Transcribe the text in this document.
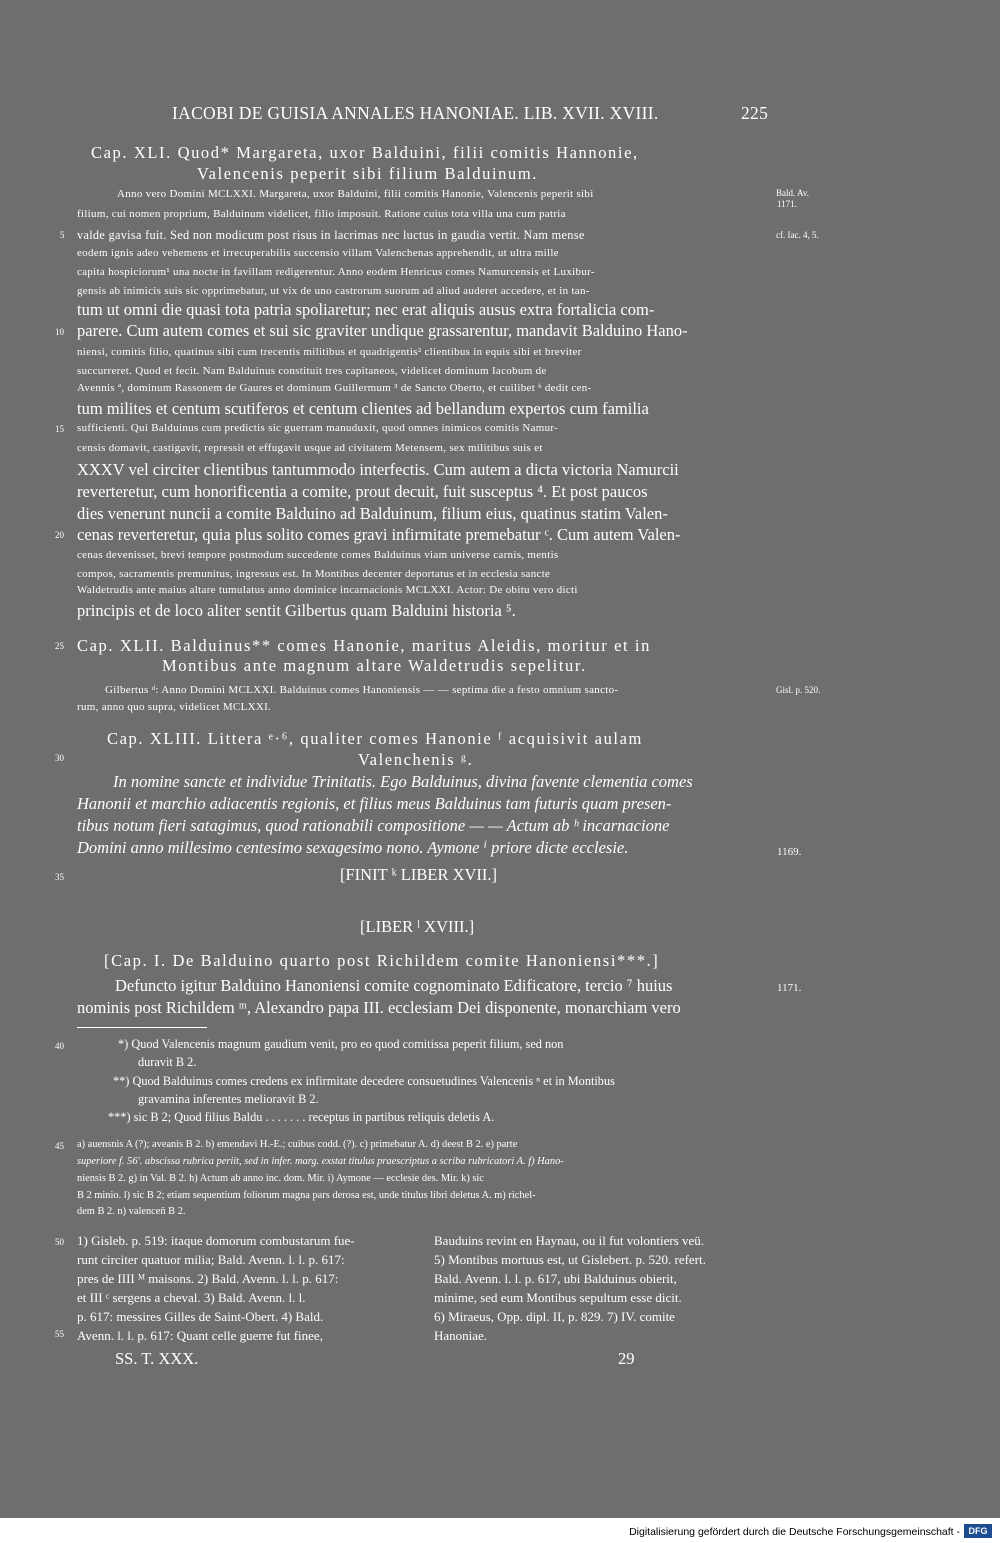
IACOBI DE GUISIA ANNALES HANONIAE. LIB. XVII. XVIII.	225
5
10
15
20
25
30
35
40
45
50
55
Bald. Av.
1171.
cf. Iac. 4, 5.
Gisl. p. 520.
1169.
1171.
Cap. XLI. Quod* Margareta, uxor Balduini, filii comitis Hannonie,
Valencenis peperit sibi filium Balduinum.
Anno vero Domini MCLXXI. Margareta, uxor Balduini, filii comitis Hanonie, Valencenis peperit sibi
filium, cui nomen proprium, Balduinum videlicet, filio imposuit. Ratione cuius tota villa una cum patria
valde gavisa fuit. Sed non modicum post risus in lacrimas nec luctus in gaudia vertit. Nam mense
eodem ignis adeo vehemens et irrecuperabilis succensio villam Valenchenas apprehendit, ut ultra mille
capita hospiciorum¹ una nocte in favillam redigerentur. Anno eodem Henricus comes Namurcensis et Luxibur-
gensis ab inimicis suis sic opprimebatur, ut vix de uno castrorum suorum ad aliud auderet accedere, et in tan-
tum ut omni die quasi tota patria spoliaretur; nec erat aliquis ausus extra fortalicia com-
parere. Cum autem comes et sui sic graviter undique grassarentur, mandavit Balduino Hano-
niensi, comitis filio, quatinus sibi cum trecentis militibus et quadrigentis² clientibus in equis sibi et breviter
succurreret. Quod et fecit. Nam Balduinus constituit tres capitaneos, videlicet dominum Iacobum de
Avennis ª, dominum Rassonem de Gaures et dominum Guillermum ³ de Sancto Oberto, et cuilibet ᵇ dedit cen-
tum milites et centum scutiferos et centum clientes ad bellandum expertos cum familia
sufficienti. Qui Balduinus cum predictis sic guerram manuduxit, quod omnes inimicos comitis Namur-
censis domavit, castigavit, repressit et effugavit usque ad civitatem Metensem, sex militibus suis et
XXXV vel circiter clientibus tantummodo interfectis. Cum autem a dicta victoria Namurcii
reverteretur, cum honorificentia a comite, prout decuit, fuit susceptus ⁴. Et post paucos
dies venerunt nuncii a comite Balduino ad Balduinum, filium eius, quatinus statim Valen-
cenas reverteretur, quia plus solito comes gravi infirmitate premebatur ᶜ. Cum autem Valen-
cenas devenisset, brevi tempore postmodum succedente comes Balduinus viam universe carnis, mentis
compos, sacramentis premunitus, ingressus est. In Montibus decenter deportatus et in ecclesia sancte
Waldetrudis ante maius altare tumulatus anno dominice incarnacionis MCLXXI. Actor: De obitu vero dicti
principis et de loco aliter sentit Gilbertus quam Balduini historia ⁵.
Cap. XLII. Balduinus** comes Hanonie, maritus Aleidis, moritur et in
Montibus ante magnum altare Waldetrudis sepelitur.
Gilbertus ᵈ: Anno Domini MCLXXI. Balduinus comes Hanoniensis — — septima die a festo omnium sancto-
rum, anno quo supra, videlicet MCLXXI.
Cap. XLIII. Littera ᵉ·⁶, qualiter comes Hanonie ᶠ acquisivit aulam
Valenchenis ᵍ.
In nomine sancte et individue Trinitatis. Ego Balduinus, divina favente clementia comes
Hanonii et marchio adiacentis regionis, et filius meus Balduinus tam futuris quam presen-
tibus notum fieri satagimus, quod rationabili compositione — — Actum ab ʰ incarnacione
Domini anno millesimo centesimo sexagesimo nono. Aymone ⁱ priore dicte ecclesie.
[FINIT ᵏ LIBER XVII.]
[LIBER ˡ XVIII.]
[Cap. I. De Balduino quarto post Richildem comite Hanoniensi***.]
Defuncto igitur Balduino Hanoniensi comite cognominato Edificatore, tercio ⁷ huius
nominis post Richildem ᵐ, Alexandro papa III. ecclesiam Dei disponente, monarchiam vero
*) Quod Valencenis magnum gaudium venit, pro eo quod comitissa peperit filium, sed non
duravit B 2.
**) Quod Balduinus comes credens ex infirmitate decedere consuetudines Valencenis ⁿ et in Montibus
gravamina inferentes melioravit B 2.
***) sic B 2; Quod filius Baldu . . . . . . . receptus in partibus reliquis deletis A.
a) auensnis A (?); aveanis B 2. b) emendavi H.-E.; cuibus codd. (?). c) primebatur A. d) deest B 2. e) parte
superiore f. 56'. abscissa rubrica periit, sed in infer. marg. exstat titulus praescriptus a scriba rubricatori A. f) Hano-
niensis B 2. g) in Val. B 2. h) Actum ab anno inc. dom. Mir. i) Aymone — ecclesie des. Mir. k) sic
B 2 minio. l) sic B 2; etiam sequentium foliorum magna pars derosa est, unde titulus libri deletus A. m) richel-
dem B 2. n) valencen̄ B 2.
1) Gisleb. p. 519: itaque domorum combustarum fue-
runt circiter quatuor milia; Bald. Avenn. l. l. p. 617:
pres de IIII ᴹ maisons. 2) Bald. Avenn. l. l. p. 617:
et III ᶜ sergens a cheval. 3) Bald. Avenn. l. l.
p. 617: messires Gilles de Saint-Obert. 4) Bald.
Avenn. l. l. p. 617: Quant celle guerre fut finee,
Bauduins revint en Haynau, ou il fut volontiers veü.
5) Montibus mortuus est, ut Gislebert. p. 520. refert.
Bald. Avenn. l. l. p. 617, ubi Balduinus obierit,
minime, sed eum Montibus sepultum esse dicit.
6) Miraeus, Opp. dipl. II, p. 829. 7) IV. comite
Hanoniae.
SS. T. XXX.	29
Digitalisierung gefördert durch die Deutsche Forschungsgemeinschaft - DFG
